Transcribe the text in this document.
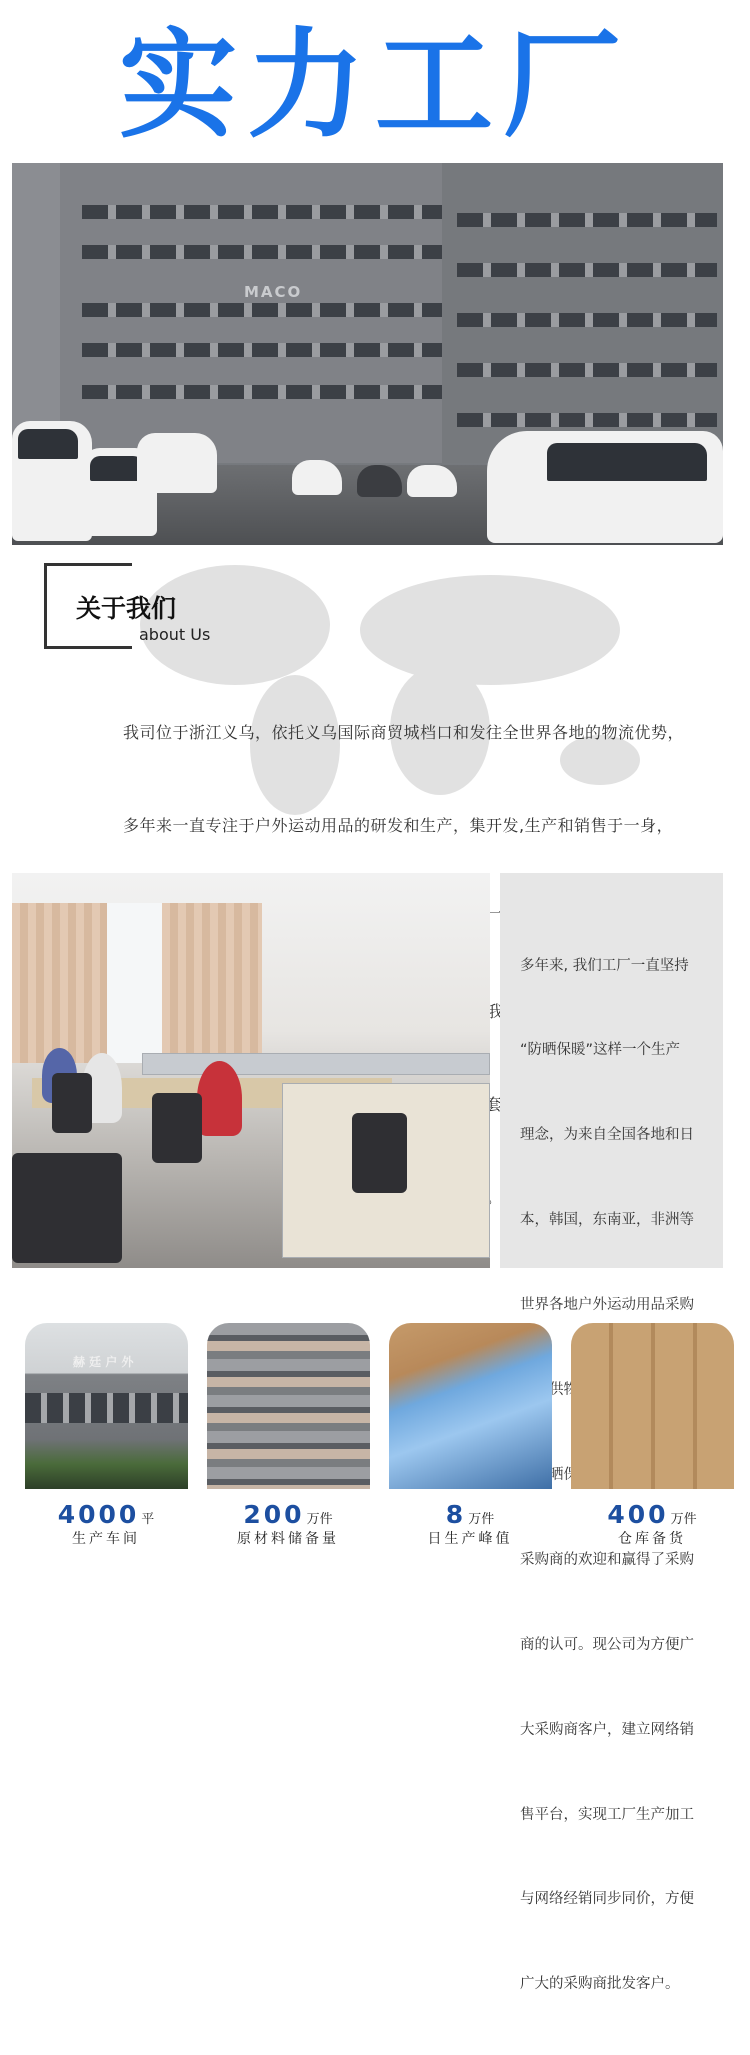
实力工厂
MACO
关于我们
about Us

我司位于浙江义乌，依托义乌国际商贸城档口和发往全世界各地的物流优势，

多年来一直专注于户外运动用品的研发和生产，集开发,生产和销售于一身，

多年来, 我们工厂一直坚持

“防晒保暖”这样一个生产

理念，为来自全国各地和日

本，韩国，东南亚，非洲等

世界各地户外运动用品采购

采购商的欢迎和赢得了采购

商的认可。现公司为方便广

大采购商客户，建立网络销

售平台，实现工厂生产加工

与网络经销同步同价，方便

广大的采购商批发客户。

赫 廷 户 外
4000 平
生产车间
200 万件
原材料储备量
8 万件
日生产峰值
400 万件
仓库备货
